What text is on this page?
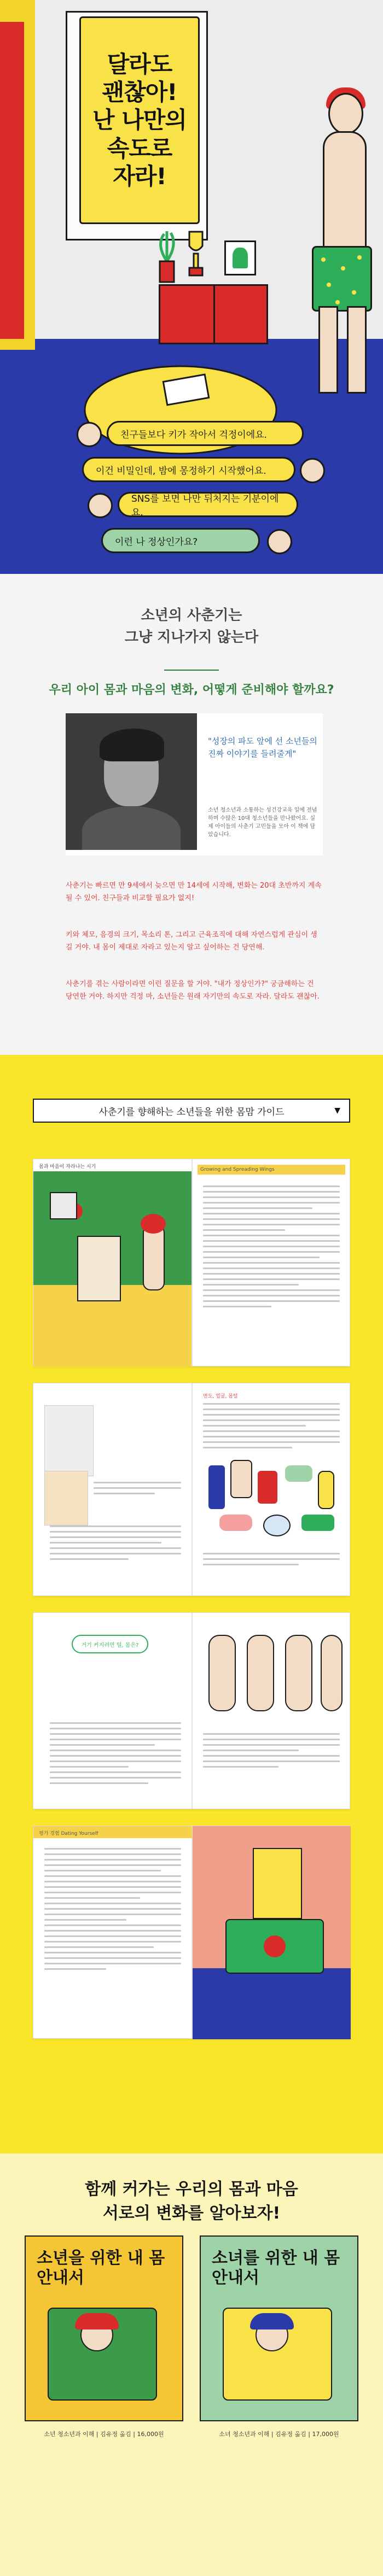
달라도
괜찮아!
난 나만의
속도로
자라!
친구들보다 키가 작아서 걱정이에요.
이건 비밀인데, 밤에 몽정하기 시작했어요.
SNS를 보면 나만 뒤처지는 기분이에요.
이런 나 정상인가요?
소년의 사춘기는
그냥 지나가지 않는다
우리 아이 몸과 마음의 변화, 어떻게 준비해야 할까요?
"성장의 파도 앞에 선 소년들의 진짜 이야기를 들려줄게"
소년 청소년과 소통하는 성건강교육 일에 전념하며 수많은 10대 청소년들을 만나왔어요. 실제 아이들의 사춘기 고민들을 모아 이 책에 담았습니다.
사춘기는 빠르면 만 9세에서 늦으면 만 14세에 시작해, 변화는 20대 초반까지 계속될 수 있어. 친구들과 비교할 필요가 없지!
키와 체모, 음경의 크기, 목소리 톤, 그리고 근육조직에 대해 자연스럽게 관심이 생길 거야. 내 몸이 제대로 자라고 있는지 알고 싶어하는 건 당연해.
사춘기를 겪는 사람이라면 이런 질문을 할 거야. "내가 정상인가?" 궁금해하는 건 당연한 거야. 하지만 걱정 마, 소년들은 원래 자기만의 속도로 자라. 달라도 괜찮아.
사춘기를 향해하는 소년들을 위한 몸맘 가이드	▼
몸과 마음이 자라나는 시기	Growing and Spreading Wings
면도, 얼굴, 몸털
거기 커지려면 털, 몸은?
평가 경험 Dating Yourself
함께 커가는 우리의 몸과 마음
서로의 변화를 알아보자!
소년을 위한 내 몸 안내서
소년 청소년과 이해 | 김유정 옮김 | 16,000원
소녀를 위한 내 몸 안내서
소녀 청소년과 이해 | 김유정 옮김 | 17,000원
